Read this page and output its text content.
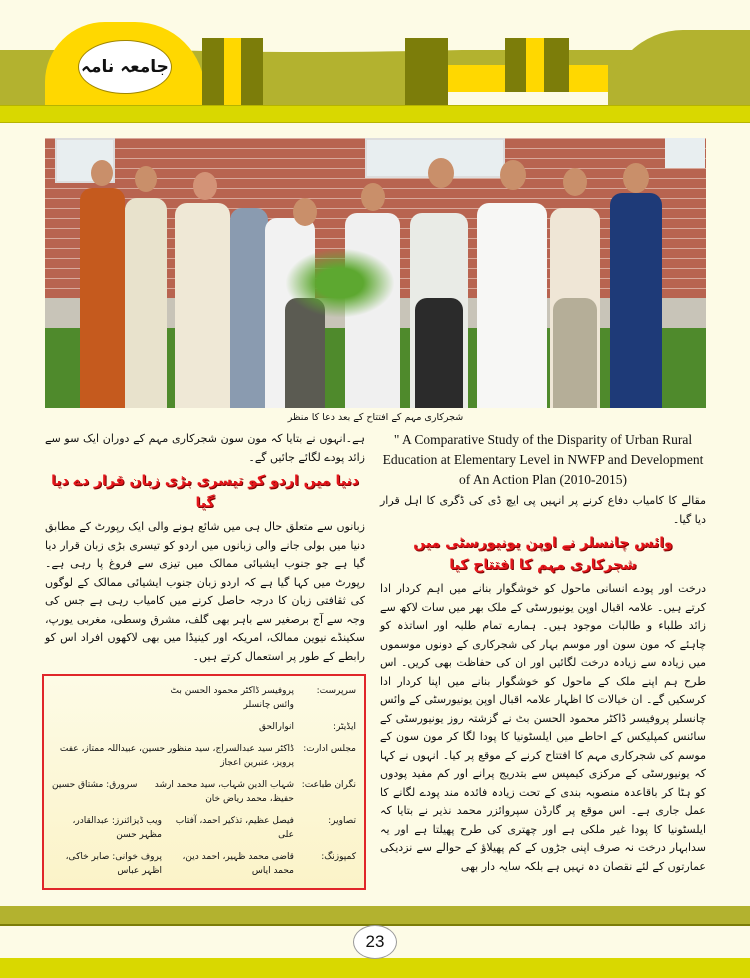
جامعہ نامہ
شجرکاری مہم کے افتتاح کے بعد دعا کا منظر
ہے۔انہوں نے بتایا کہ مون سون شجرکاری مہم کے دوران ایک سو سے زائد پودے لگائے جائیں گے۔
دنیا میں اردو کو تیسری بڑی زبان قرار دے دیا گیا
زبانوں سے متعلق حال ہی میں شائع ہونے والی ایک رپورٹ کے مطابق دنیا میں بولی جانے والی زبانوں میں اردو کو تیسری بڑی زبان قرار دیا گیا ہے جو جنوب ایشیائی ممالک میں تیزی سے فروغ پا رہی ہے۔ رپورٹ میں کہا گیا ہے کہ اردو زبان جنوب ایشیائی ممالک کے لوگوں کی ثقافتی زبان کا درجہ حاصل کرنے میں کامیاب رہی ہے جس کی وجہ سے آج برصغیر سے باہر بھی گلف، مشرق وسطی، مغربی یورپ، سکینڈے نیوین ممالک، امریکہ اور کینیڈا میں بھی لاکھوں افراد اس کو رابطے کے طور پر استعمال کرتے ہیں۔
سرپرست:
پروفیسر ڈاکٹر محمود الحسن بٹ
وائس چانسلر
ایڈیٹر:
انوارالحق
مجلس ادارت:
ڈاکٹر سید عبدالسراج، سید منظور حسین، عبیداللہ ممتاز، عفت پرویز، عنبرین اعجاز
نگران طباعت:
شہاب الدین شہاب، سید محمد ارشد حفیظ، محمد ریاض خان
سرورق: مشتاق حسین
تصاویر:
فیصل عظیم، تذکیر احمد، آفتاب علی
ویب ڈیزائنرز: عبدالقادر، مظہر حسن
کمپوزنگ:
قاضی محمد ظہیر، احمد دین، محمد ایاس
پروف خوانی: صابر خاکی، اظہر عباس
" A Comparative Study of the Disparity of Urban Rural Education at Elementary Level in NWFP and Development of An Action Plan (2010-2015)
مقالے کا کامیاب دفاع کرنے پر انہیں پی ایچ ڈی کی ڈگری کا اہل قرار دیا گیا۔
وائس چانسلر نے اوپن یونیورسٹی میں شجرکاری مہم کا افتتاح کیا
درخت اور پودے انسانی ماحول کو خوشگوار بنانے میں اہم کردار ادا کرتے ہیں۔ علامہ اقبال اوپن یونیورسٹی کے ملک بھر میں سات لاکھ سے زائد طلباء و طالبات موجود ہیں۔ ہمارے تمام طلبہ اور اساتذہ کو چاہئے کہ مون سون اور موسم بہار کی شجرکاری کے دونوں موسموں میں زیادہ سے زیادہ درخت لگائیں اور ان کی حفاظت بھی کریں۔ اس طرح ہم اپنے ملک کے ماحول کو خوشگوار بنانے میں اپنا کردار ادا کرسکیں گے۔ ان خیالات کا اظہار علامہ اقبال اوپن یونیورسٹی کے وائس چانسلر پروفیسر ڈاکٹر محمود الحسن بٹ نے گزشتہ روز یونیورسٹی کے سائنس کمپلیکس کے احاطے میں ایلسٹونیا کا پودا لگا کر مون سون کے موسم کی شجرکاری مہم کا افتتاح کرنے کے موقع پر کیا۔ انہوں نے کہا کہ یونیورسٹی کے مرکزی کیمپس سے بتدریج پرانے اور کم مفید پودوں کو ہٹا کر باقاعدہ منصوبہ بندی کے تحت زیادہ فائدہ مند پودے لگانے کا عمل جاری ہے۔ اس موقع پر گارڈن سپروائزر محمد نذیر نے بتایا کہ ایلسٹونیا کا پودا غیر ملکی ہے اور چھتری کی طرح پھیلتا ہے اور یہ سدابہار درخت نہ صرف اپنی جڑوں کے کم پھیلاؤ کے حوالے سے نزدیکی عمارتوں کے لئے نقصان دہ نہیں ہے بلکہ سایہ دار بھی
23
